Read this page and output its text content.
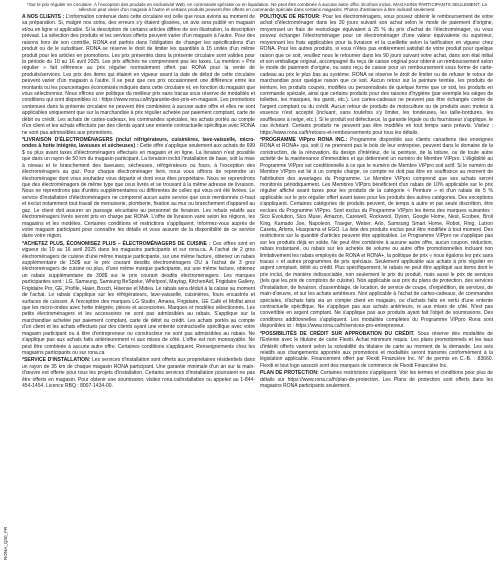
*Sur le prix régulier en circulaire. À l'exception des produits en exclusivité Web, en commande spéciale ou en liquidation. Ne peut être combinée à aucune autre offre. Écofrais inclus. MAGASINS PARTICIPANTS SEULEMENT. La sélection peut varier d'un magasin à l'autre et certains produits peuvent être offerts en commande spéciale dans certains magasins. Photos d'ambiance à titre indicatif seulement.

À NOS CLIENTS : L'information contenue dans cette circulaire est celle que nous avions au moment de sa préparation. Si, malgré nos soins, des erreurs s'y étaient glissées, un avis sera publié en magasin et/ou en ligne si applicable. Si la description de certains articles diffère de son illustration, la description prévaut. La sélection des produits et les services offerts peuvent varier d'un magasin à l'autre. Pour des raisons hors de son contrôle, RONA est parfois dans l'obligation de changer les spécifications d'un produit ou de le substituer. RONA se réserve le droit de limiter les quantités à 15 unités d'un même produit pour les articles en promotions. Les prix présentés dans la présente circulaire sont valides pour la période du 10 au 16 avril 2025. Les prix affichés ne comprennent pas les taxes. La mention « Prix régulier » fait référence au prix régulier normalement offert par RONA pour la vente de produits/services. Les prix des items qui étaient en vigueur avant la date de début de cette circulaire peuvent varier d'un magasin à l'autre. Il se peut que ces prix occasionnent une différence entre les montants ou les pourcentages économisés indiqués dans cette circulaire et, en fonction du magasin que vous sélectionnez. Nous offrons une politique du meilleur prix sans tracas sous réserve de modalités et conditions qui sont disponibles ici : https://www.rona.ca/fr/garantie-des-prix-en-magasin. Les promotions contenues dans la présente circulaire ne peuvent être combinées à aucune autre offre et elles ne sont applicables uniquement que sur la marchandise à prix régulier achetée par paiement comptant, carte de débit ou crédit. Les achats de cartes-cadeaux, les commandes spéciales, les achats portés au compte d'un client et les achats effectués par des clients ayant une entente contractuelle spécifique avec RONA ne sont pas admissibles aux promotions.

*LIVRAISON D'ÉLECTROMÉNAGERS (inclut réfrigérateurs, cuisinières, lave-vaisselle, micro-ondes à hotte intégrée, laveuses et sécheuses) : Cette offre s'applique seulement aux achats de 699 $ ou plus avant taxes d'électroménagers effectués en magasin et en ligne. La livraison n'est possible que dans un rayon de 50 km du magasin participant. La livraison inclut l'installation de base, soit la mise à niveau et le branchement des laveuses, sécheuses, réfrigérateurs ou fours, à l'exception des électroménagers au gaz. Pour chaque électroménager livré, nous vous offrons de reprendre un électroménager dont vous souhaitez vous départir et dont vous êtes propriétaire. Nous ne reprendrons que des électroménagers de même type que ceux livrés et se trouvant à la même adresse de livraison. Nous ne reprendrons pas d'unités supplémentaires ou différentes de celles qui vous ont été livrées. Le service d'installation d'électroménagers ne comprend aucun autre service que ceux mentionnés ci-haut et exclut notamment tout travail de menuiserie, plomberie, fixation au mur ou branchement d'appareil au gaz. Le client doit assurer un passage sécuritaire au personnel de livraison. Les rebuts relatifs aux électroménagers livrés seront pris en charge par RONA. L'offre de livraison varie selon les régions, les magasins et les modèles. Certaines conditions et restrictions s'appliquent. Informez-vous auprès de votre magasin participant pour connaître les détails et vous assurer de la disponibilité de ce service dans votre région.

*ACHETEZ PLUS, ÉCONOMISEZ PLUS – ÉLECTROMÉNAGERS DE CUISINE : Ces offres sont en vigueur du 10 au 16 avril 2025 dans les magasins participants et sur rona.ca. À l'achat de 2 gros électroménagers de cuisine d'une même marque participante, sur une même facture, obtenez un rabais supplémentaire de 150$ sur le prix courant desdits électroménagers OU à l'achat de 3 gros électroménagers de cuisine ou plus, d'une même marque participante, sur une même facture, obtenez un rabais supplémentaire de 300$ sur le prix courant desdits électroménagers. Les marques participantes sont : LG, Samsung, Samsung BeSpoke, Whirlpool, Maytag, KitchenAid, Frigidaire Gallery, Frigidaire Pro, GE, Profile, Haier, Bosch, Hisense et Midea. Le rabais sera déduit à la caisse au moment de l'achat. Le rabais s'applique sur les réfrigérateurs, lave-vaisselle, cuisinières, fours encastrés et surfaces de cuisson. À l'exception des marques LG Studio, Amana, Frigidaire, GE Café et Moffat ainsi que les micro-ondes avec hotte intégrée, pièces et accessoires. Marques et modèles sélectionnés. Les petits électroménagers et les accessoires ne sont pas admissibles au rabais. S'applique sur la marchandise achetée par paiement comptant, carte de débit ou crédit. Les achats portés au compte d'un client et les achats effectués par des clients ayant une entente contractuelle spécifique avec votre magasin participant ou à titre d'entrepreneur ou constructeur ne sont pas admissibles au rabais. Ne s'applique pas aux achats faits antérieurement ni aux mises de côté. L'offre est non monnayable. Ne peut être combinée à aucune autre offre. Certaines conditions s'appliquent. Renseignements chez les magasins participants ou sur rona.ca

*SERVICE D'INSTALLATION: Les services d'installation sont offerts aux propriétaires résidentiels dans un rayon de 35 km de chaque magasin RONA participant. Une garantie minimale d'un an sur la main-d'œuvre est offerte pour tous les projets d'installation. Certains services d'installation pourraient ne pas être offerts en magasin. Pour obtenir une soumission, visitez rona.ca/installation ou appelez au 1-844-454-1454. Licence RBQ : 8007-1434-00.

POLITIQUE DE RETOUR: Pour les électroménagers, vous pouvez obtenir le remboursement de votre achat d'électroménager dans les 30 jours suivant son achat selon le mode de paiement d'origine, moyennant un frais de restockage équivalent à 25 % du prix d'achat de l'électroménager, ou vous pouvez échanger l'électroménager pour un électroménager d'une valeur équivalente ou supérieur, moyennant les frais applicables pour la livraison et la cueillette selon la tarification en vigueur chez RONA. Pour les autres produits, si vous n'êtes pas entièrement satisfait de votre produit pour quelque raison que ce soit, veuillez nous le retourner dans les 90 jours suivant votre achat, dans son état initial et son emballage original, accompagné du reçu de caisse original pour obtenir un remboursement selon le mode de paiement d'origine, ou sans reçu de caisse pour un remboursement sous forme de carte-cadeau au prix le plus bas au système. RONA se réserve le droit de limiter ou de refuser le retour de marchandise pour quelque raison que ce soit. Aucun retour sur la peinture teintée, les produits de teinture, les produits coupés, modifiés ou personnalisés de quelque forme que ce soit, les produits en commande spéciale, ainsi que certains produits pour des raisons d'hygiène (par exemple les sièges de toilettes, les masques, les gants, etc.). Les cartes-cadeaux ne peuvent pas être échangés contre de l'argent comptant ou du crédit. Aucun retour de produits de motoculture ou de produits avec moteur à essence n'est accepté (incluant, sans toutefois s'y limiter, les tondeuses, les taille-bordures, les souffleuses à neige, etc.). Si le produit est défectueux, la garantie légale ou du fournisseur s'applique, le cas échéant. Certains produits ne peuvent pas être modifiés en tout temps sans préavis. Visitez : https://www.rona.ca/fr/retours-et-remboursements pour tous les détails.

*PROGRAMME VIPpro RONA INC.: Programme disponible aux clients canadiens des enseignes RONA et RONA+ qui, soit i) ne prennent pas le bois de leur entreprise, peuvent dans le domaine de la construction, de la rénovation, du design d'intérieur, de la peinture, de la toiture, ou de toute autre activité de la maintenance d'immeubles et qui détiennent un numéro de Membre VIPpro. L'éligibilité au Programme VIPpro est conditionnelle à ce que le numéro de Membre VIPpro soit actif. Si le numéro de Membre VIPpro est lié à un compte charge, ce compte ne doit pas être en souffrance au moment de l'attribution des avantages du Programme. Le Membre VIPpro comprend que ses achats seront monitorés périodiquement. Les Membres VIPpro bénéficient d'un rabais de 10% applicable sur le prix régulier affiché avant taxes pour les produits de la catégorie « Peinture » et d'un rabais de 5 % applicable sur le prix régulier offert avant taxes pour les produits des autres catégories. Des exceptions s'appliquent. Certaines catégories de produits peuvent, de temps à autre et par seule discrétion, être exclues du Programme VIPpro. Sont exclus du Programme VIPpro les items des marques suivantes : Sico Évolution, Sico Muse, Amazon, Carewell, Rockwool, Dyson, Google Home, Nest, Ecobee, Broil King, Kamado Joe, Napoleon, Traeger, Weber, Arlo, Samsung Smart Home, Robot, Ring, Lutron Caseta, Arlens, Husqvarna et EGO. La liste des produits exclus peut être modifiée à tout moment. Des restrictions sur la quantité d'articles peuvent être applicables. Le Programme VIPpro ne s'applique pas sur les produits déjà en solde. Ne peut être combinée à aucune autre offre, aucun coupon, réduction, rabais instantané, ou rabais sur les achetés de volume ou autre offre promotionnelles incluant non limitativement les rabais employés de RONA et RONA+, la politique de prix « nous égalons les prix sans tracas » et autres programmes de prix spéciaux. Seulement applicable aux achats à prix régulier en argent comptant, débit ou crédit. Plus spécifiquement, le rabais ne peut être appliqué aux items dont le prix inclut, de manière indissociable, non seulement le prix du produit, mais aussi le prix de services (tels que les prix de comptoirs de cuisine). Non applicable aux prix du plans de protection, des services d'installation, de livraison, d'assemblage, de location, de service de coupe, d'expédition, de services, de main-d'œuvre, et sur les achats antérieurs. Non applicable à l'achat de cartes-cadeaux, de commandes spéciales, d'achats faits via un compte client en magasin, ou d'achats faits en vertu d'une entente contractuelle spécifique. Ne s'applique pas aux achats antérieurs, ni aux mises de côté. N'est pas convertible en argent comptant. Ne s'applique pas aux produits ayant fait l'objet de soumissions. Des conditions additionnelles s'appliquent. Les modalités complètes du Programme VIPpro Rona sont disponibles ici : https://www.rona.ca/fr/services-pro-entrepreneur.

*POSSIBILITÉS DE CRÉDIT SUR APPROBATION DU CRÉDIT. Sous réserve des modalités de l'Entente avec le titulaire de carte Flexiti. Achat minimum requis. Les plans promotionnels et les taux d'intérêt offerts varient selon la solvabilité du titulaire de carte au moment de la demande. Les avis relatifs aux changements apportés aux promotions et modalités seront transmis conformément à la législation applicable. Financement offert par Flexiti Financière Inc. N° de permis en C.-B. : 83660. Flexiti et tout logo associé sont des marques de commerce de Flexiti Financière Inc.

PLAN DE PROTECTION: Certaines restrictions s'appliquent. Voir les termes et conditions pour plus de détails sur https://www.rona.ca/fr/plan-de-protection. Les Plans de protection sont offerts dans les magasins RONA participants seulement.

RONA_Q30_FR
